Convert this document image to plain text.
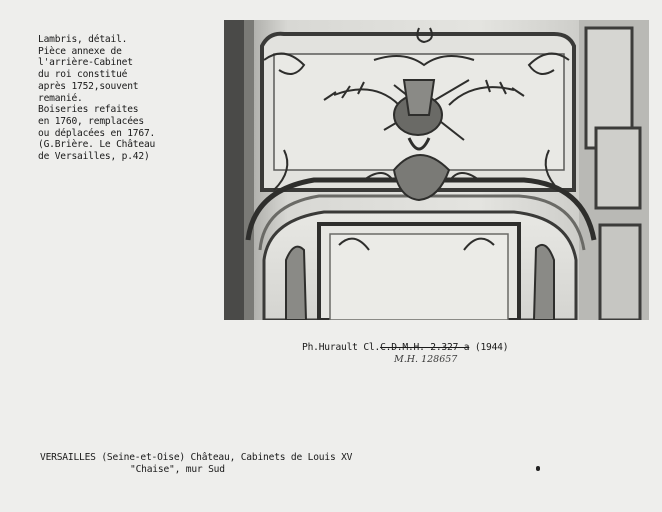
Lambris, détail.
Pièce annexe de
l'arrière-Cabinet
du roi constitué
après 1752,souvent
remanié.
Boiseries refaites
en 1760, remplacées
ou déplacées en 1767.
(G.Brière. Le Château
de Versailles, p.42)
Ph.Hurault Cl.C.D.M.H. 2.327 a (1944)
M.H. 128657
VERSAILLES (Seine-et-Oise) Château, Cabinets de Louis XV
"Chaise", mur Sud
